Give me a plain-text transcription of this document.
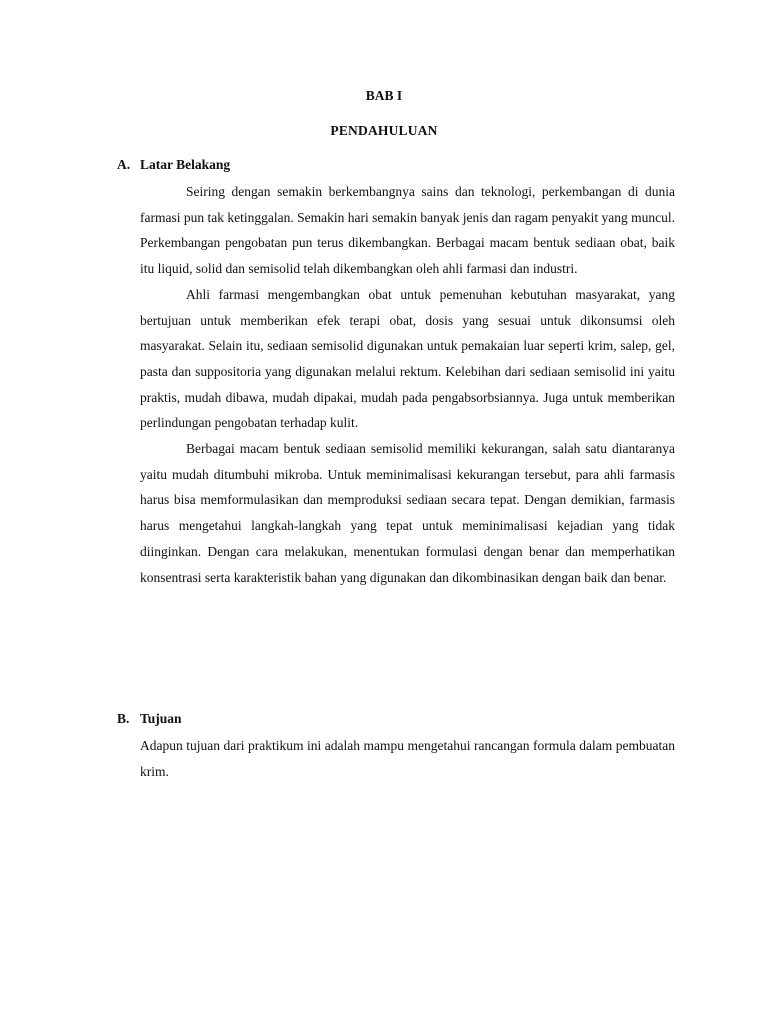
BAB I
PENDAHULUAN
A. Latar Belakang

Seiring dengan semakin berkembangnya sains dan teknologi, perkembangan di dunia farmasi pun tak ketinggalan. Semakin hari semakin banyak jenis dan ragam penyakit yang muncul. Perkembangan pengobatan pun terus dikembangkan. Berbagai macam bentuk sediaan obat, baik itu liquid, solid dan semisolid telah dikembangkan oleh ahli farmasi dan industri.

Ahli farmasi mengembangkan obat untuk pemenuhan kebutuhan masyarakat, yang bertujuan untuk memberikan efek terapi obat, dosis yang sesuai untuk dikonsumsi oleh masyarakat. Selain itu, sediaan semisolid digunakan untuk pemakaian luar seperti krim, salep, gel, pasta dan suppositoria yang digunakan melalui rektum. Kelebihan dari sediaan semisolid ini yaitu praktis, mudah dibawa, mudah dipakai, mudah pada pengabsorbsiannya. Juga untuk memberikan perlindungan pengobatan terhadap kulit.

Berbagai macam bentuk sediaan semisolid memiliki kekurangan, salah satu diantaranya yaitu mudah ditumbuhi mikroba. Untuk meminimalisasi kekurangan tersebut, para ahli farmasis harus bisa memformulasikan dan memproduksi sediaan secara tepat. Dengan demikian, farmasis harus mengetahui langkah-langkah yang tepat untuk meminimalisasi kejadian yang tidak diinginkan. Dengan cara melakukan, menentukan formulasi dengan benar dan memperhatikan konsentrasi serta karakteristik bahan yang digunakan dan dikombinasikan dengan baik dan benar.

B. Tujuan

Adapun tujuan dari praktikum ini adalah mampu mengetahui rancangan formula dalam pembuatan krim.
